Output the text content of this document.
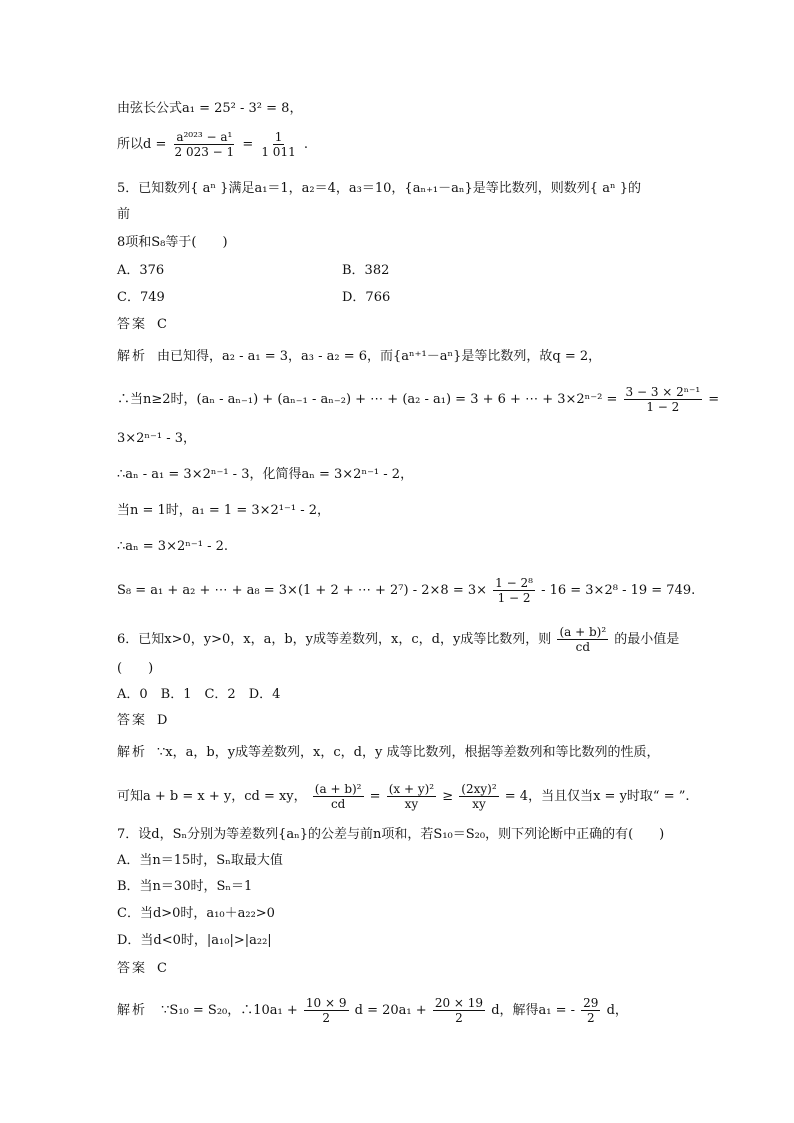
由弦长公式a₁ = 25² - 3² = 8，
所以$d = \frac{\text{a²⁰²³ − a¹}}{2 023 - 1} = \frac{1}{1 011}$ .
5．已知数列{ aⁿ }满足a₁＝1，a₂＝4，a₃＝10，{aₙ₊₁－aₙ}是等比数列，则数列{ aⁿ }的
前
8项和S₈等于(　　)
A．376	B．382
C．749	D．766
答案 C
解析 由已知得，a₂ - a₁ = 3，a₃ - a₂ = 6，而{aⁿ⁺¹－aⁿ}是等比数列，故q = 2，
∴当n≥2时，(aₙ - aₙ₋₁) + (aₙ₋₁ - aₙ₋₂) + ⋯ + (a₂ - a₁) = 3 + 6 + ⋯ + $3\times 2^{n-2} = \frac{\text{3 − 3 × 2ⁿ⁻¹}}{1 - 2}$ =
3×2ⁿ⁻¹ - 3，
∴aₙ - a₁ = 3×2ⁿ⁻¹ - 3，化简得aₙ = 3×2ⁿ⁻¹ - 2，
当n = 1时，a₁ = 1 = 3×2¹⁻¹ - 2，
∴aₙ = 3×2ⁿ⁻¹ - 2.
S₈ = a₁ + a₂ + ⋯ + a₈ = 3×(1 + 2 + ⋯ + $2^7) - 2\times 8 = 3\times \frac{\text{1 − 2⁸}}{1 - 2} - 16 = 3\times 2^8 - 19 = 749$.
6．已知x>0，y>0，x，a，b，y成等差数列，x，c，d，y成等比数列，则 $\frac{\text{(a + b)²}}{cd}$ 的最小值是
(　　)
A．0　B．1　C．2　D．4
答案 D
解析 ∵x，a，b，y成等差数列，x，c，d，y 成等比数列，根据等差数列和等比数列的性质，
可知a + b = x + y，cd = xy， $\frac{\text{(a + b)²}}{cd} = \frac{\text{(x + y)²}}{xy} \ge \frac{\text{(2xy)²}}{xy} = 4$，当且仅当x = y时取“ = ”.
7．设d，Sₙ分别为等差数列{aₙ}的公差与前n项和，若S₁₀＝S₂₀，则下列论断中正确的有(　　)
A．当n＝15时，Sₙ取最大值
B．当n＝30时，Sₙ＝1
C．当d>0时，a₁₀＋a₂₂>0
D．当d<0时，|a₁₀|>|a₂₂|
答案 C
解析 ∵S₁₀ = S₂₀，∴10a₁ + $\frac{10 \times 9}{2}$ $d = 20a_1 + \frac{20 \times 19}{2}$ d，解得a₁ = - $\frac{29}{2}$ d，
